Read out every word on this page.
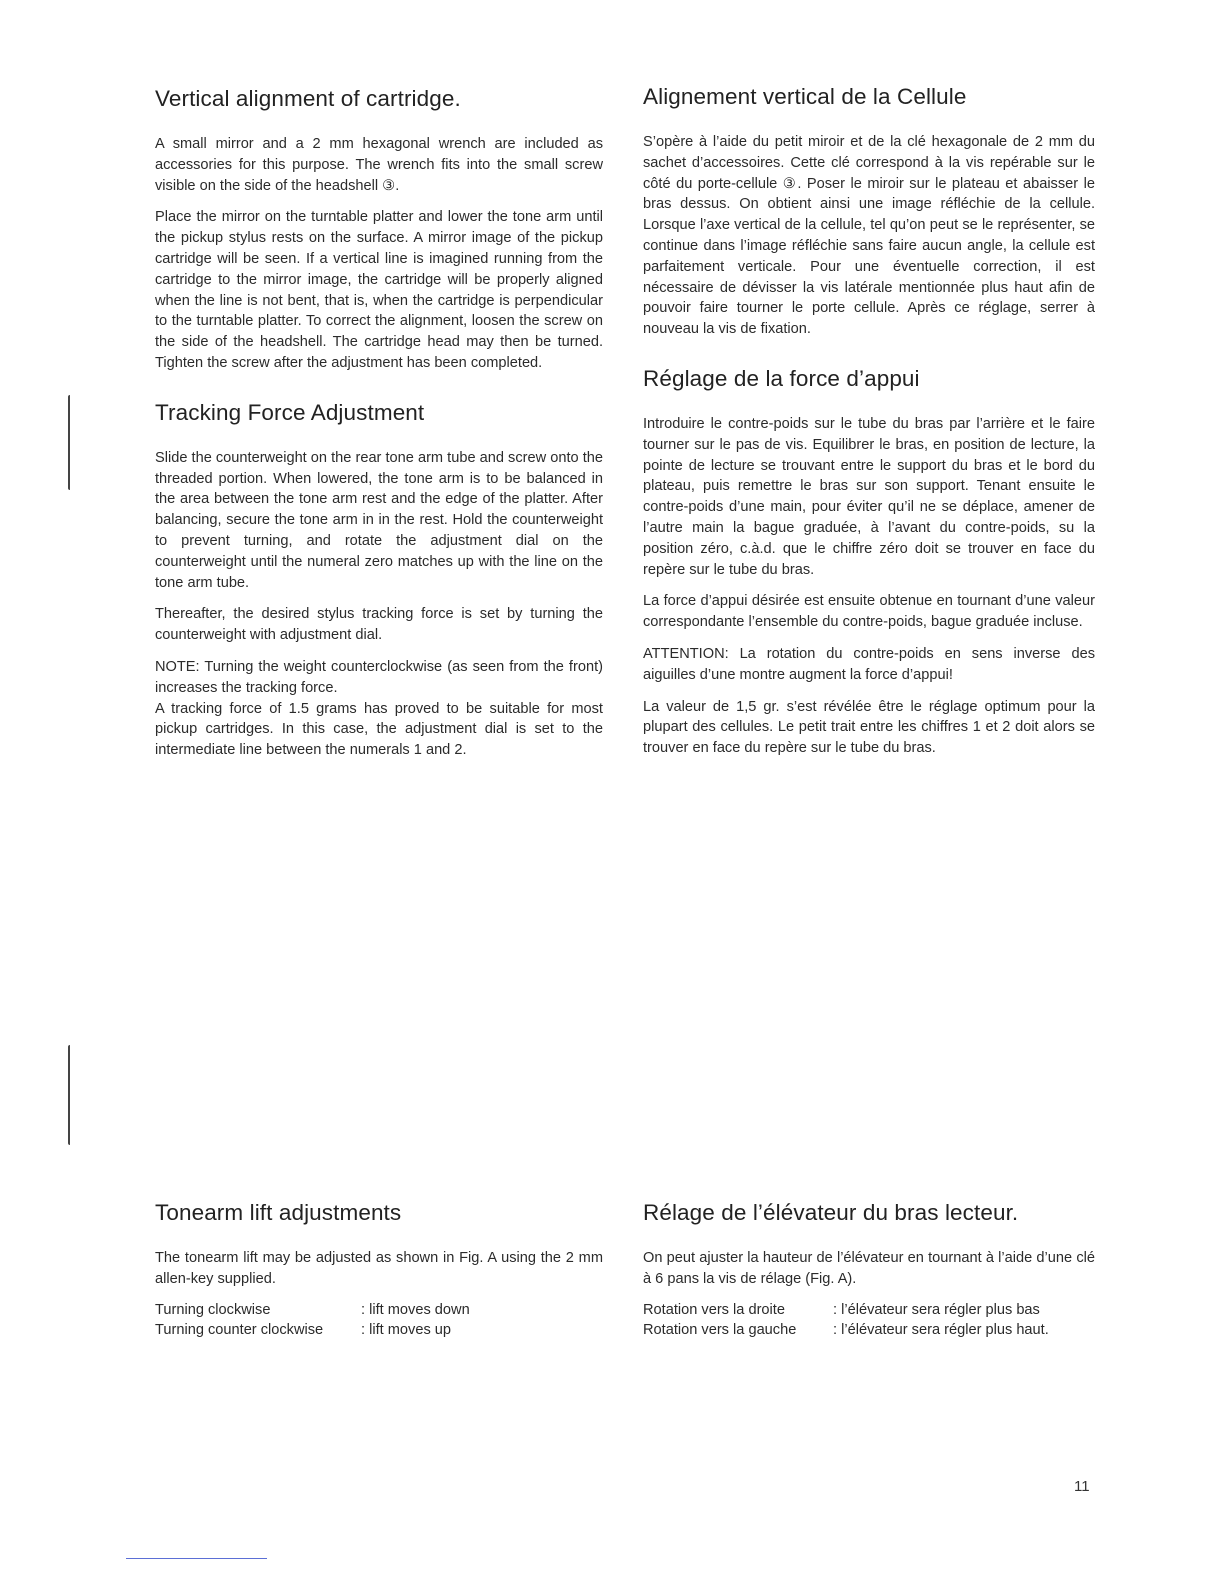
Vertical alignment of cartridge.

A small mirror and a 2 mm hexagonal wrench are included as accessories for this purpose. The wrench fits into the small screw visible on the side of the headshell ③.

Place the mirror on the turntable platter and lower the tone arm until the pickup stylus rests on the surface. A mirror image of the pickup cartridge will be seen. If a vertical line is imagined running from the cartridge to the mirror image, the cartridge will be properly aligned when the line is not bent, that is, when the cartridge is perpendicular to the turntable platter. To correct the alignment, loosen the screw on the side of the headshell. The cartridge head may then be turned. Tighten the screw after the adjustment has been completed.

Tracking Force Adjustment

Slide the counterweight on the rear tone arm tube and screw onto the threaded portion. When lowered, the tone arm is to be balanced in the area between the tone arm rest and the edge of the platter. After balancing, secure the tone arm in in the rest. Hold the counterweight to prevent turning, and rotate the adjustment dial on the counterweight until the numeral zero matches up with the line on the tone arm tube.

Thereafter, the desired stylus tracking force is set by turning the counterweight with adjustment dial.

NOTE: Turning the weight counterclockwise (as seen from the front) increases the tracking force.

A tracking force of 1.5 grams has proved to be suitable for most pickup cartridges. In this case, the adjustment dial is set to the intermediate line between the numerals 1 and 2.

Tonearm lift adjustments

The tonearm lift may be adjusted as shown in Fig. A using the 2 mm allen-key supplied.

Turning clockwise	: lift moves down
Turning counter clockwise	: lift moves up
Alignement vertical de la Cellule

S’opère à l’aide du petit miroir et de la clé hexagonale de 2 mm du sachet d’accessoires. Cette clé correspond à la vis repérable sur le côté du porte-cellule ③. Poser le miroir sur le plateau et abaisser le bras dessus. On obtient ainsi une image réfléchie de la cellule. Lorsque l’axe vertical de la cellule, tel qu’on peut se le représenter, se continue dans l’image réfléchie sans faire aucun angle, la cellule est parfaitement verticale. Pour une éventuelle correction, il est nécessaire de dévisser la vis latérale mentionnée plus haut afin de pouvoir faire tourner le porte cellule. Après ce réglage, serrer à nouveau la vis de fixation.

Réglage de la force d’appui

Introduire le contre-poids sur le tube du bras par l’arrière et le faire tourner sur le pas de vis. Equilibrer le bras, en position de lecture, la pointe de lecture se trouvant entre le support du bras et le bord du plateau, puis remettre le bras sur son support. Tenant ensuite le contre-poids d’une main, pour éviter qu’il ne se déplace, amener de l’autre main la bague graduée, à l’avant du contre-poids, su la position zéro, c.à.d. que le chiffre zéro doit se trouver en face du repère sur le tube du bras.

La force d’appui désirée est ensuite obtenue en tournant d’une valeur correspondante l’ensemble du contre-poids, bague graduée incluse.

ATTENTION: La rotation du contre-poids en sens inverse des aiguilles d’une montre augment la force d’appui!

La valeur de 1,5 gr. s’est révélée être le réglage optimum pour la plupart des cellules. Le petit trait entre les chiffres 1 et 2 doit alors se trouver en face du repère sur le tube du bras.

Rélage de l’élévateur du bras lecteur.

On peut ajuster la hauteur de l’élévateur en tournant à l’aide d’une clé à 6 pans la vis de rélage (Fig. A).

Rotation vers la droite	: l’élévateur sera régler plus bas
Rotation vers la gauche	: l’élévateur sera régler plus haut.
11
